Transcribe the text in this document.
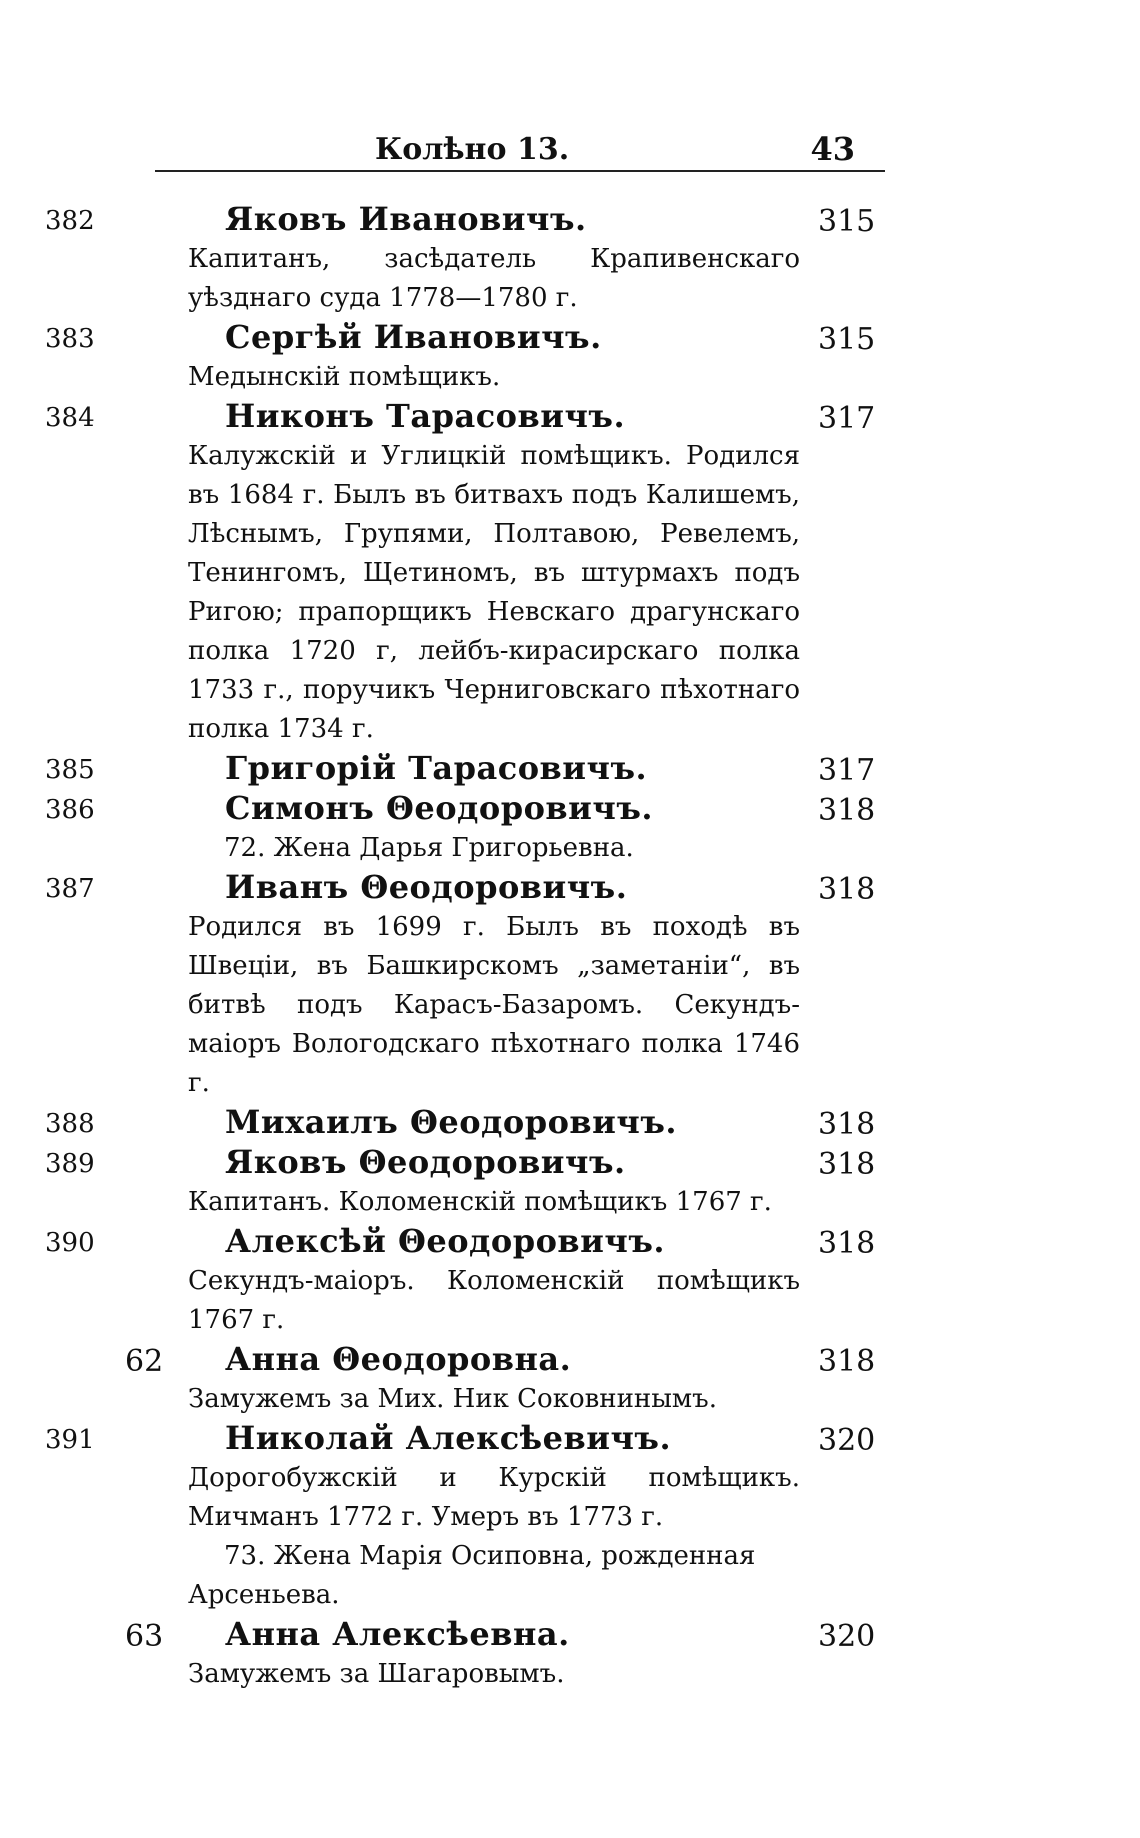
Колѣно 13.	43
382	Яковъ Ивановичъ.	315
Капитанъ, засѣдатель Крапивенскаго уѣзднаго суда 1778—1780 г.
383	Сергѣй Ивановичъ.	315
Медынскій помѣщикъ.
384	Никонъ Тарасовичъ.	317
Калужскій и Углицкій помѣщикъ. Родился въ 1684 г. Былъ въ битвахъ подъ Калишемъ, Лѣснымъ, Групями, Полтавою, Ревелемъ, Тенингомъ, Щетиномъ, въ штурмахъ подъ Ригою; прапорщикъ Невскаго драгунскаго полка 1720 г, лейбъ-кирасирскаго полка 1733 г., поручикъ Черниговскаго пѣхотнаго полка 1734 г.
385	Григорій Тарасовичъ.	317
386	Симонъ Θеодоровичъ.	318
72. Жена Дарья Григорьевна.
387	Иванъ Θеодоровичъ.	318
Родился въ 1699 г. Былъ въ походѣ въ Швеціи, въ Башкирскомъ „заметаніи“, въ битвѣ подъ Карасъ-Базаромъ. Секундъ-маіоръ Вологодскаго пѣхотнаго полка 1746 г.
388	Михаилъ Θеодоровичъ.	318
389	Яковъ Θеодоровичъ.	318
Капитанъ. Коломенскій помѣщикъ 1767 г.
390	Алексѣй Θеодоровичъ.	318
Секундъ-маіоръ. Коломенскій помѣщикъ 1767 г.
62 Анна Θеодоровна.	318
Замужемъ за Мих. Ник Соковнинымъ.
391	Николай Алексѣевичъ.	320
Дорогобужскій и Курскій помѣщикъ. Мичманъ 1772 г. Умеръ въ 1773 г.
73. Жена Марія Осиповна, рожденная Арсеньева.
63 Анна Алексѣевна.	320
Замужемъ за Шагаровымъ.
